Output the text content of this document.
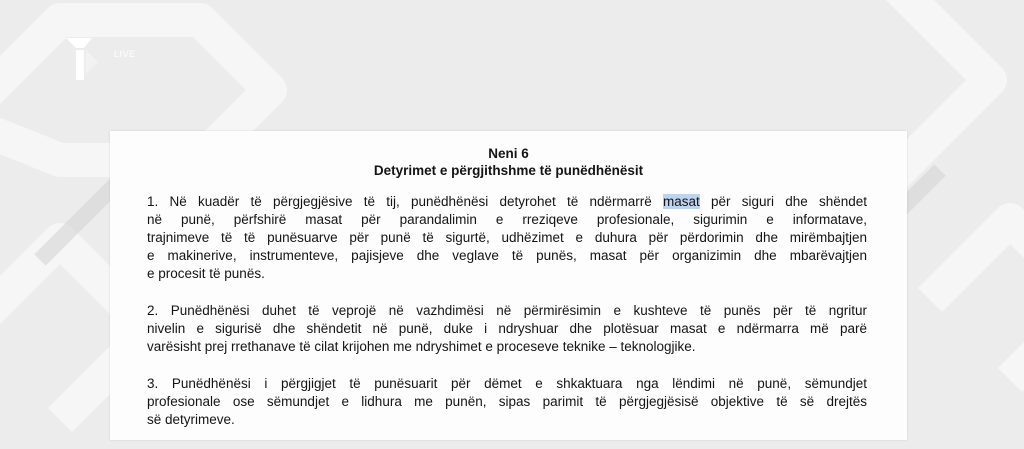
LIVE
Neni 6
Detyrimet e përgjithshme të punëdhënësit
1. Në kuadër të përgjegjësive të tij, punëdhënësi detyrohet të ndërmarrë masat për siguri dhe shëndet
në punë, përfshirë masat për parandalimin e rreziqeve profesionale, sigurimin e informatave,
trajnimeve të të punësuarve për punë të sigurtë, udhëzimet e duhura për përdorimin dhe mirëmbajtjen
e makinerive, instrumenteve, pajisjeve dhe veglave të punës, masat për organizimin dhe mbarëvajtjen
e procesit të punës.
2. Punëdhënësi duhet të veprojë në vazhdimësi në përmirësimin e kushteve të punës për të ngritur
nivelin e sigurisë dhe shëndetit në punë, duke i ndryshuar dhe plotësuar masat e ndërmarra më parë
varësisht prej rrethanave të cilat krijohen me ndryshimet e proceseve teknike – teknologjike.
3. Punëdhënësi i përgjigjet të punësuarit për dëmet e shkaktuara nga lëndimi në punë, sëmundjet
profesionale ose sëmundjet e lidhura me punën, sipas parimit të përgjegjësisë objektive të së drejtës
së detyrimeve.
